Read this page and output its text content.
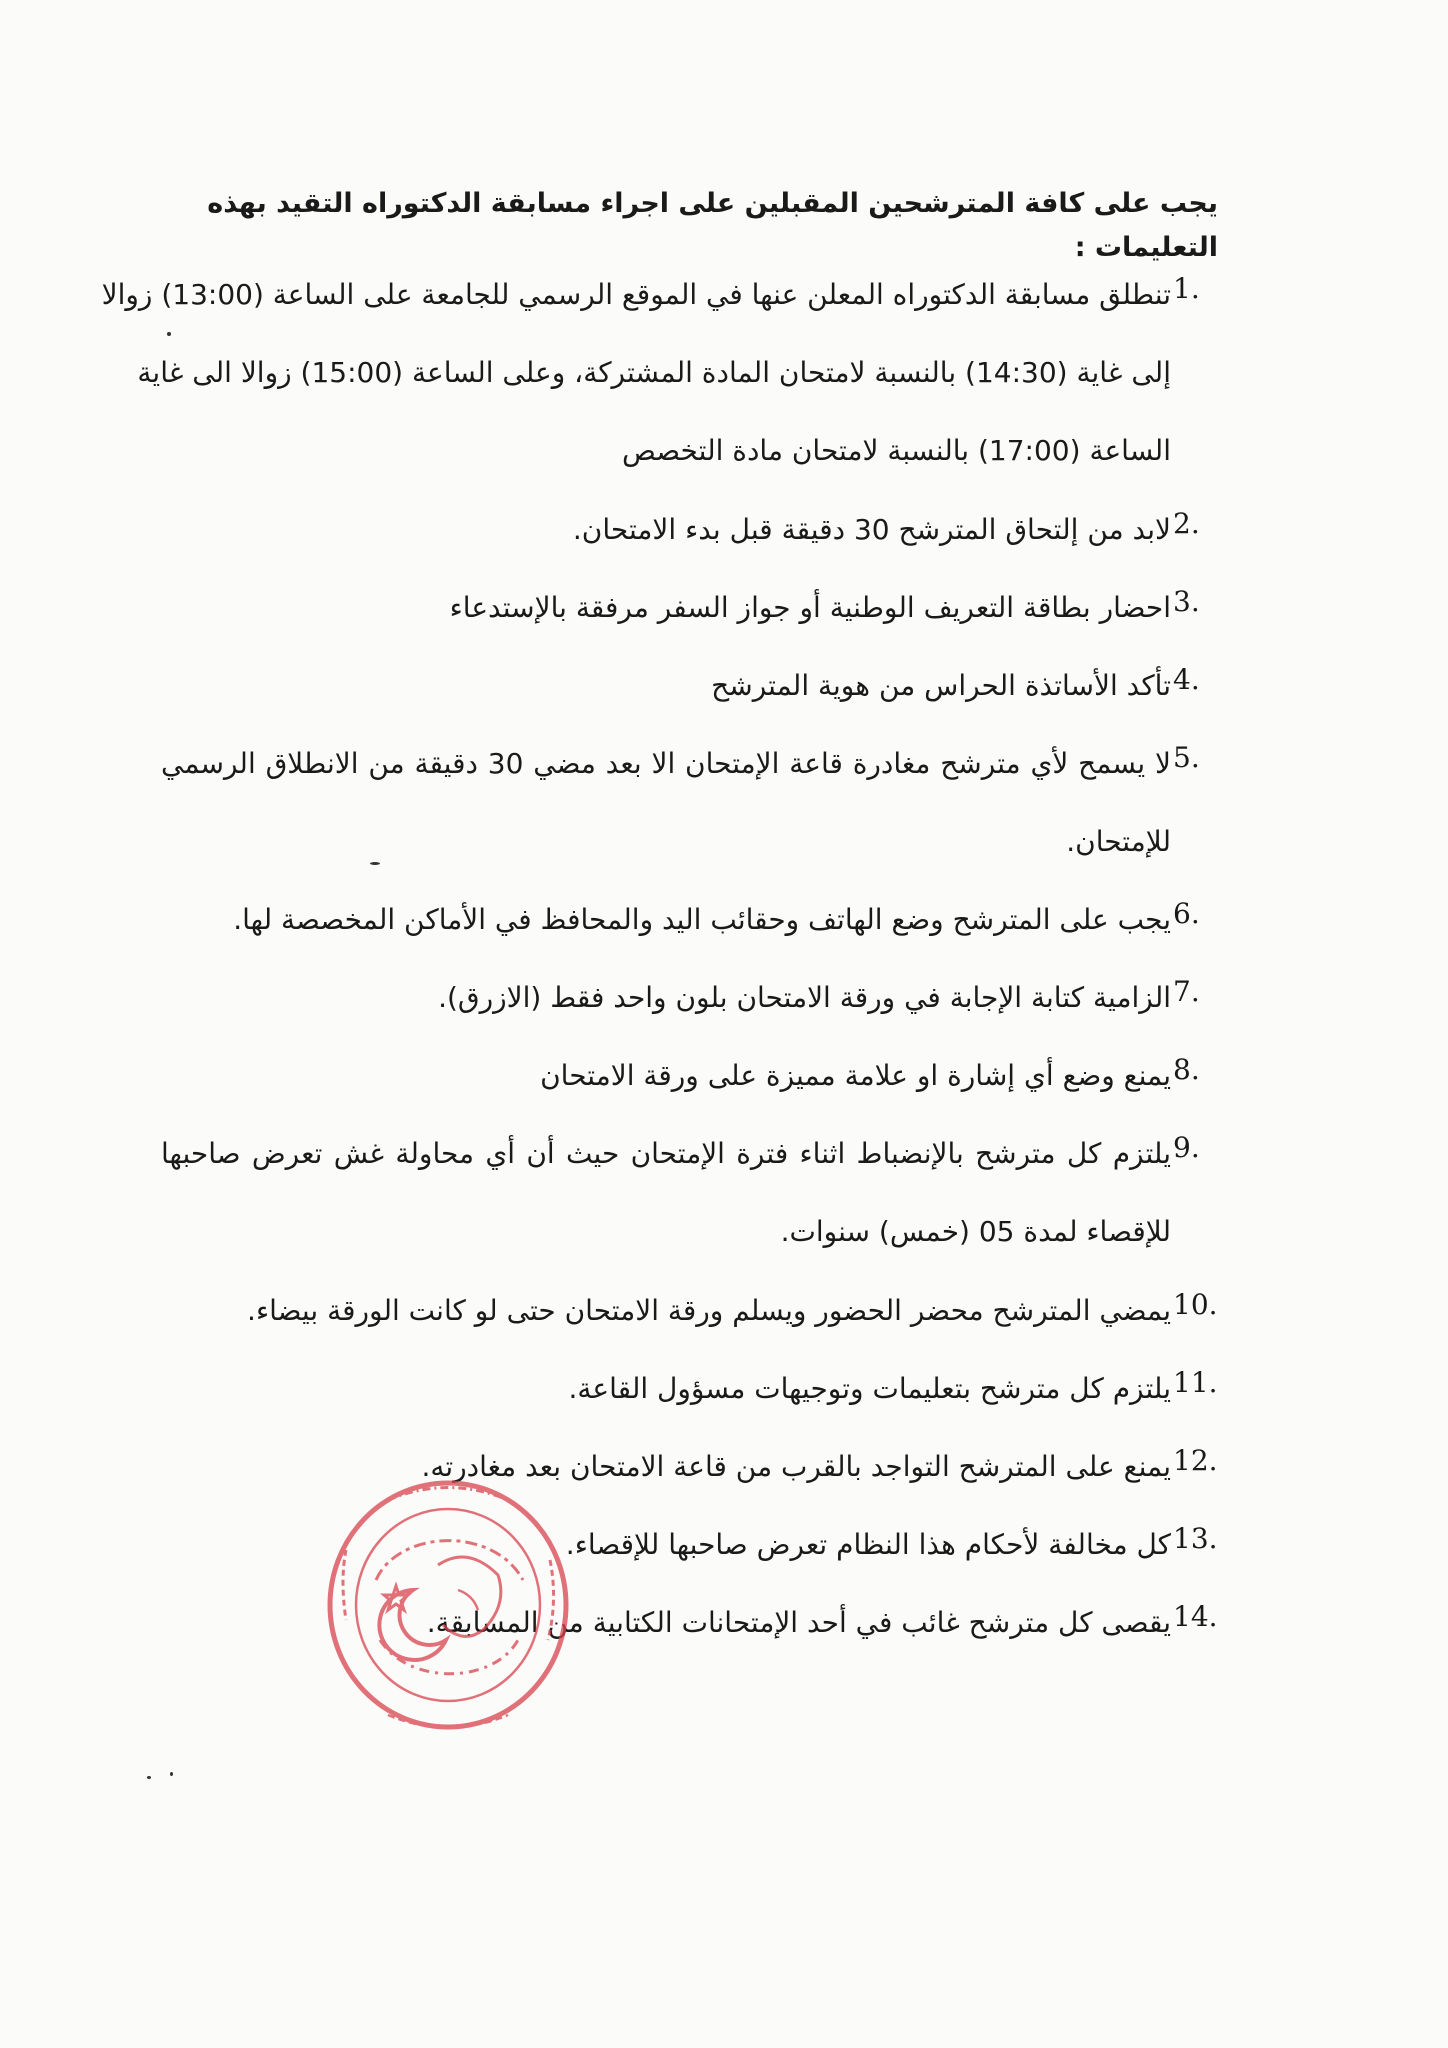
يجب على كافة المترشحين المقبلين على اجراء مسابقة الدكتوراه التقيد بهذه التعليمات :
1.
تنطلق مسابقة الدكتوراه المعلن عنها في الموقع الرسمي للجامعة على الساعة (13:00) زوالا
إلى غاية (14:30) بالنسبة لامتحان المادة المشتركة، وعلى الساعة (15:00) زوالا الى غاية
الساعة (17:00) بالنسبة لامتحان مادة التخصص
2.
لابد من إلتحاق المترشح 30 دقيقة قبل بدء الامتحان.
3.
احضار بطاقة التعريف الوطنية أو جواز السفر مرفقة بالإستدعاء
4.
تأكد الأساتذة الحراس من هوية المترشح
5.
لا يسمح لأي مترشح مغادرة قاعة الإمتحان الا بعد مضي 30 دقيقة من الانطلاق الرسمي
للإمتحان.
6.
يجب على المترشح وضع الهاتف وحقائب اليد والمحافظ في الأماكن المخصصة لها.
7.
الزامية كتابة الإجابة في ورقة الامتحان بلون واحد فقط (الازرق).
8.
يمنع وضع أي إشارة او علامة مميزة على ورقة الامتحان
9.
يلتزم كل مترشح بالإنضباط اثناء فترة الإمتحان حيث أن أي محاولة غش تعرض صاحبها
للإقصاء لمدة 05 (خمس) سنوات.
10.
يمضي المترشح محضر الحضور ويسلم ورقة الامتحان حتى لو كانت الورقة بيضاء.
11.
يلتزم كل مترشح بتعليمات وتوجيهات مسؤول القاعة.
12.
يمنع على المترشح التواجد بالقرب من قاعة الامتحان بعد مغادرته.
13.
كل مخالفة لأحكام هذا النظام تعرض صاحبها للإقصاء.
14.
يقصى كل مترشح غائب في أحد الإمتحانات الكتابية من المسابقة.
